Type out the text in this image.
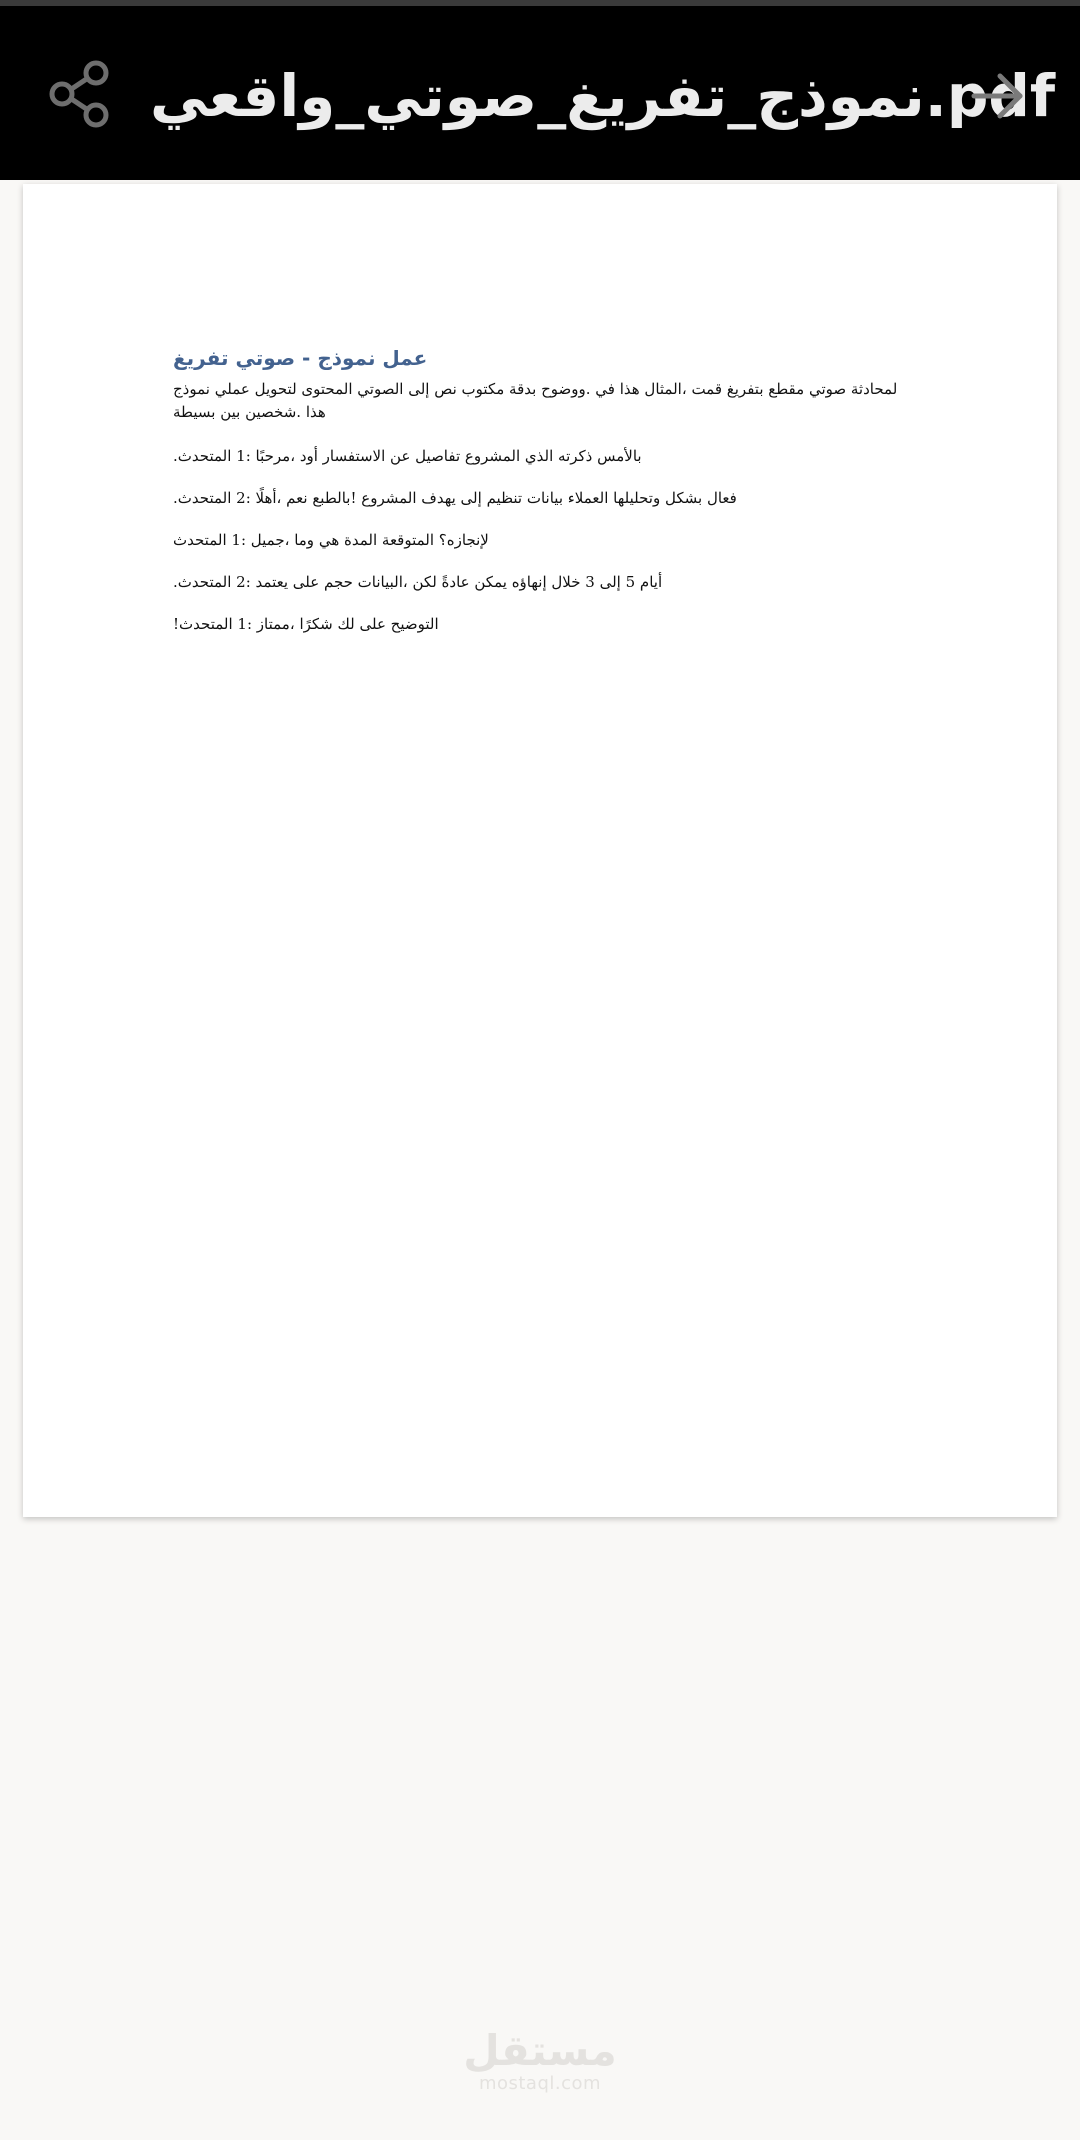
نموذج_تفريغ_صوتي_واقعي.pdf
عمل نموذج - صوتي تفريغ
لمحادثة صوتي مقطع بتفريغ قمت ،المثال هذا في .ووضوح بدقة مكتوب نص إلى الصوتي المحتوى لتحويل عملي نموذج هذا .شخصين بين بسيطة
بالأمس ذكرته الذي المشروع تفاصيل عن الاستفسار أود ،مرحبًا :1 المتحدث.
فعال بشكل وتحليلها العملاء بيانات تنظيم إلى يهدف المشروع !بالطبع نعم ،أهلًا :2 المتحدث.
لإنجازه؟ المتوقعة المدة هي وما ،جميل :1 المتحدث
أيام 5 إلى 3 خلال إنهاؤه يمكن عادةً لكن ،البيانات حجم على يعتمد :2 المتحدث.
التوضيح على لك شكرًا ،ممتاز :1 المتحدث!
مستقل
mostaql.com
